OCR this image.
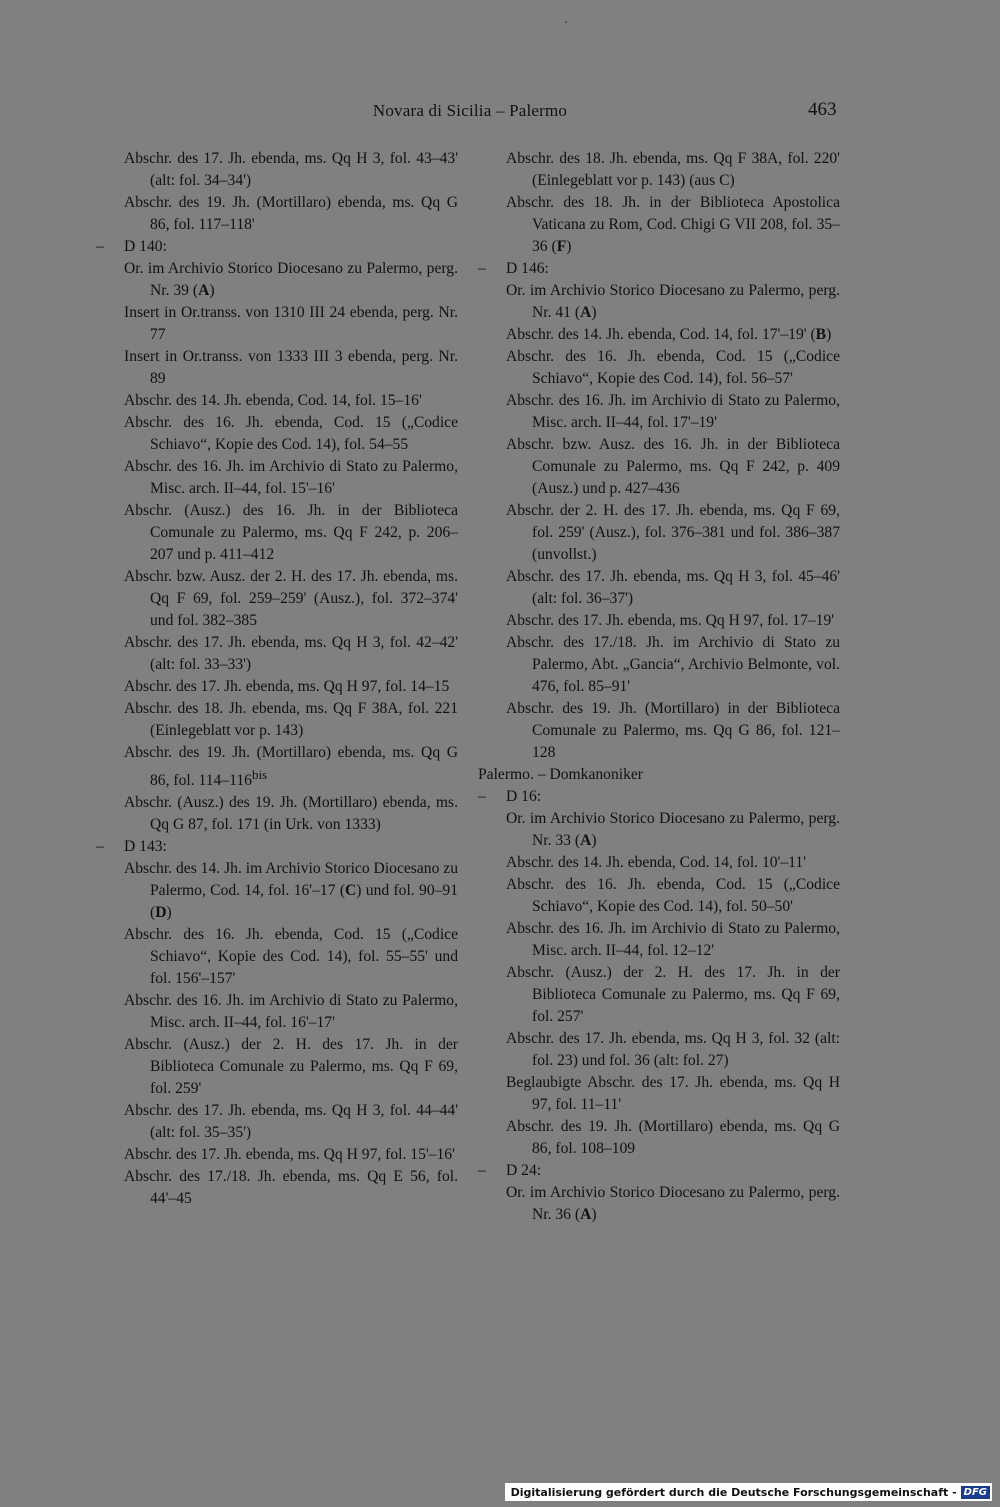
Novara di Sicilia – Palermo	463

Abschr. des 17. Jh. ebenda, ms. Qq H 3, fol. 43–43' (alt: fol. 34–34')

Abschr. des 19. Jh. (Mortillaro) ebenda, ms. Qq G 86, fol. 117–118'

– D 140:

Or. im Archivio Storico Diocesano zu Palermo, perg. Nr. 39 (A)

Insert in Or.transs. von 1310 III 24 ebenda, perg. Nr. 77

Insert in Or.transs. von 1333 III 3 ebenda, perg. Nr. 89

Abschr. des 14. Jh. ebenda, Cod. 14, fol. 15–16'

Abschr. des 16. Jh. ebenda, Cod. 15 („Codice Schiavo“, Kopie des Cod. 14), fol. 54–55

Abschr. des 16. Jh. im Archivio di Stato zu Palermo, Misc. arch. II–44, fol. 15'–16'

Abschr. (Ausz.) des 16. Jh. in der Biblioteca Comunale zu Palermo, ms. Qq F 242, p. 206–207 und p. 411–412

Abschr. bzw. Ausz. der 2. H. des 17. Jh. ebenda, ms. Qq F 69, fol. 259–259' (Ausz.), fol. 372–374' und fol. 382–385

Abschr. des 17. Jh. ebenda, ms. Qq H 3, fol. 42–42' (alt: fol. 33–33')

Abschr. des 17. Jh. ebenda, ms. Qq H 97, fol. 14–15

Abschr. des 18. Jh. ebenda, ms. Qq F 38A, fol. 221 (Einlegeblatt vor p. 143)

Abschr. des 19. Jh. (Mortillaro) ebenda, ms. Qq G 86, fol. $114-116^{bis}$

Abschr. (Ausz.) des 19. Jh. (Mortillaro) ebenda, ms. Qq G 87, fol. 171 (in Urk. von 1333)

– D 143:

Abschr. des 14. Jh. im Archivio Storico Diocesano zu Palermo, Cod. 14, fol. 16'–17 (C) und fol. 90–91 (D)

Abschr. des 16. Jh. ebenda, Cod. 15 („Codice Schiavo“, Kopie des Cod. 14), fol. 55–55' und fol. 156'–157'

Abschr. des 16. Jh. im Archivio di Stato zu Palermo, Misc. arch. II–44, fol. 16'–17'

Abschr. (Ausz.) der 2. H. des 17. Jh. in der Biblioteca Comunale zu Palermo, ms. Qq F 69, fol. 259'

Abschr. des 17. Jh. ebenda, ms. Qq H 3, fol. 44–44' (alt: fol. 35–35')

Abschr. des 17. Jh. ebenda, ms. Qq H 97, fol. 15'–16'

Abschr. des 17./18. Jh. ebenda, ms. Qq E 56, fol. 44'–45

Abschr. des 18. Jh. ebenda, ms. Qq F 38A, fol. 220' (Einlegeblatt vor p. 143) (aus C)

Abschr. des 18. Jh. in der Biblioteca Apostolica Vaticana zu Rom, Cod. Chigi G VII 208, fol. 35–36 (F)

– D 146:

Or. im Archivio Storico Diocesano zu Palermo, perg. Nr. 41 (A)

Abschr. des 14. Jh. ebenda, Cod. 14, fol. 17'–19' (B)

Abschr. des 16. Jh. ebenda, Cod. 15 („Codice Schiavo“, Kopie des Cod. 14), fol. 56–57'

Abschr. des 16. Jh. im Archivio di Stato zu Palermo, Misc. arch. II–44, fol. 17'–19'

Abschr. bzw. Ausz. des 16. Jh. in der Biblioteca Comunale zu Palermo, ms. Qq F 242, p. 409 (Ausz.) und p. 427–436

Abschr. der 2. H. des 17. Jh. ebenda, ms. Qq F 69, fol. 259' (Ausz.), fol. 376–381 und fol. 386–387 (unvollst.)

Abschr. des 17. Jh. ebenda, ms. Qq H 3, fol. 45–46' (alt: fol. 36–37')

Abschr. des 17. Jh. ebenda, ms. Qq H 97, fol. 17–19'

Abschr. des 17./18. Jh. im Archivio di Stato zu Palermo, Abt. „Gancia“, Archivio Belmonte, vol. 476, fol. 85–91'

Abschr. des 19. Jh. (Mortillaro) in der Biblioteca Comunale zu Palermo, ms. Qq G 86, fol. 121–128

Palermo. – Domkanoniker

– D 16:

Or. im Archivio Storico Diocesano zu Palermo, perg. Nr. 33 (A)

Abschr. des 14. Jh. ebenda, Cod. 14, fol. 10'–11'

Abschr. des 16. Jh. ebenda, Cod. 15 („Codice Schiavo“, Kopie des Cod. 14), fol. 50–50'

Abschr. des 16. Jh. im Archivio di Stato zu Palermo, Misc. arch. II–44, fol. 12–12'

Abschr. (Ausz.) der 2. H. des 17. Jh. in der Biblioteca Comunale zu Palermo, ms. Qq F 69, fol. 257'

Abschr. des 17. Jh. ebenda, ms. Qq H 3, fol. 32 (alt: fol. 23) und fol. 36 (alt: fol. 27)

Beglaubigte Abschr. des 17. Jh. ebenda, ms. Qq H 97, fol. 11–11'

Abschr. des 19. Jh. (Mortillaro) ebenda, ms. Qq G 86, fol. 108–109

– D 24:

Or. im Archivio Storico Diocesano zu Palermo, perg. Nr. 36 (A)

Digitalisierung gefördert durch die Deutsche Forschungsgemeinschaft - DFG
